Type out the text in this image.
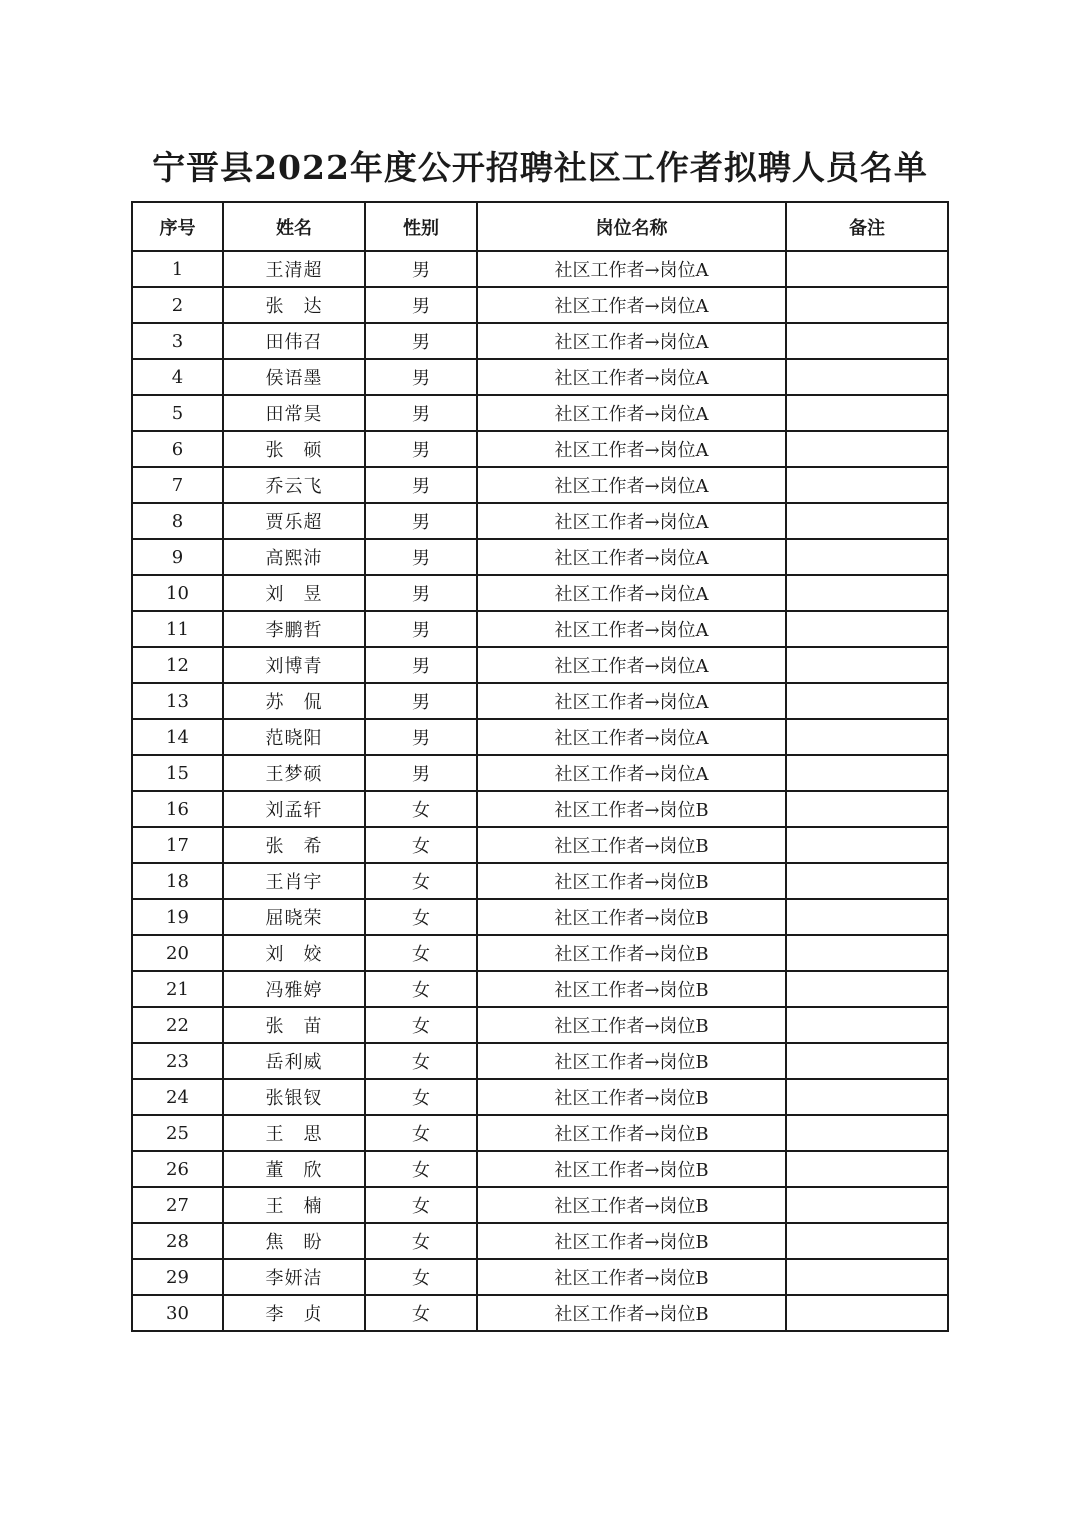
宁晋县2022年度公开招聘社区工作者拟聘人员名单
序号	姓名	性别	岗位名称	备注
1	王清超	男	社区工作者→岗位A	
2	张　达	男	社区工作者→岗位A	
3	田伟召	男	社区工作者→岗位A	
4	侯语墨	男	社区工作者→岗位A	
5	田常昊	男	社区工作者→岗位A	
6	张　硕	男	社区工作者→岗位A	
7	乔云飞	男	社区工作者→岗位A	
8	贾乐超	男	社区工作者→岗位A	
9	高熙沛	男	社区工作者→岗位A	
10	刘　昱	男	社区工作者→岗位A	
11	李鹏哲	男	社区工作者→岗位A	
12	刘博青	男	社区工作者→岗位A	
13	苏　侃	男	社区工作者→岗位A	
14	范晓阳	男	社区工作者→岗位A	
15	王梦硕	男	社区工作者→岗位A	
16	刘孟轩	女	社区工作者→岗位B	
17	张　希	女	社区工作者→岗位B	
18	王肖宇	女	社区工作者→岗位B	
19	屈晓荣	女	社区工作者→岗位B	
20	刘　姣	女	社区工作者→岗位B	
21	冯雅婷	女	社区工作者→岗位B	
22	张　苗	女	社区工作者→岗位B	
23	岳利威	女	社区工作者→岗位B	
24	张银钗	女	社区工作者→岗位B	
25	王　思	女	社区工作者→岗位B	
26	董　欣	女	社区工作者→岗位B	
27	王　楠	女	社区工作者→岗位B	
28	焦　盼	女	社区工作者→岗位B	
29	李妍洁	女	社区工作者→岗位B	
30	李　贞	女	社区工作者→岗位B	
